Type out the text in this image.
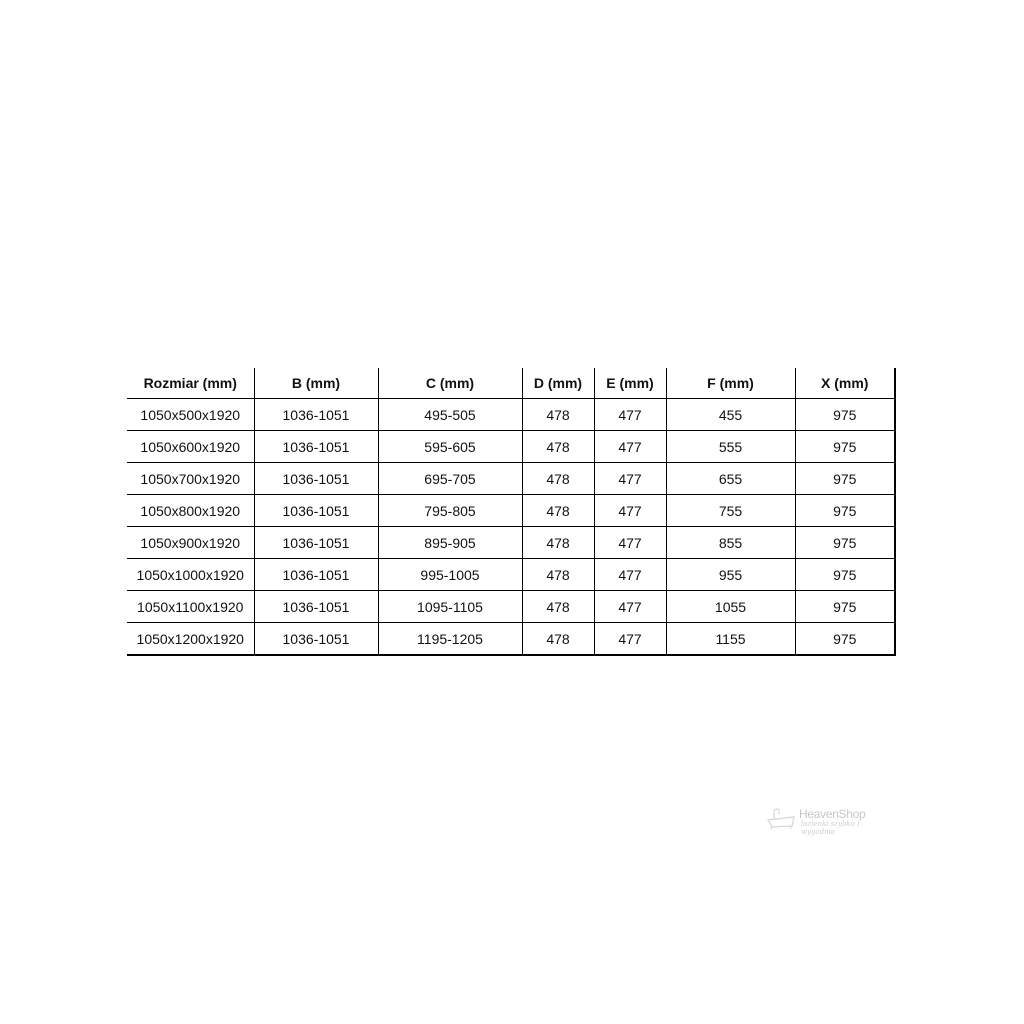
Rozmiar (mm)	B (mm)	C (mm)	D (mm)	E (mm)	F (mm)	X (mm)
1050x500x1920	1036-1051	495-505	478	477	455	975
1050x600x1920	1036-1051	595-605	478	477	555	975
1050x700x1920	1036-1051	695-705	478	477	655	975
1050x800x1920	1036-1051	795-805	478	477	755	975
1050x900x1920	1036-1051	895-905	478	477	855	975
1050x1000x1920	1036-1051	995-1005	478	477	955	975
1050x1100x1920	1036-1051	1095-1105	478	477	1055	975
1050x1200x1920	1036-1051	1195-1205	478	477	1155	975
HeavenShop
lazienki szybko i wygodnie
